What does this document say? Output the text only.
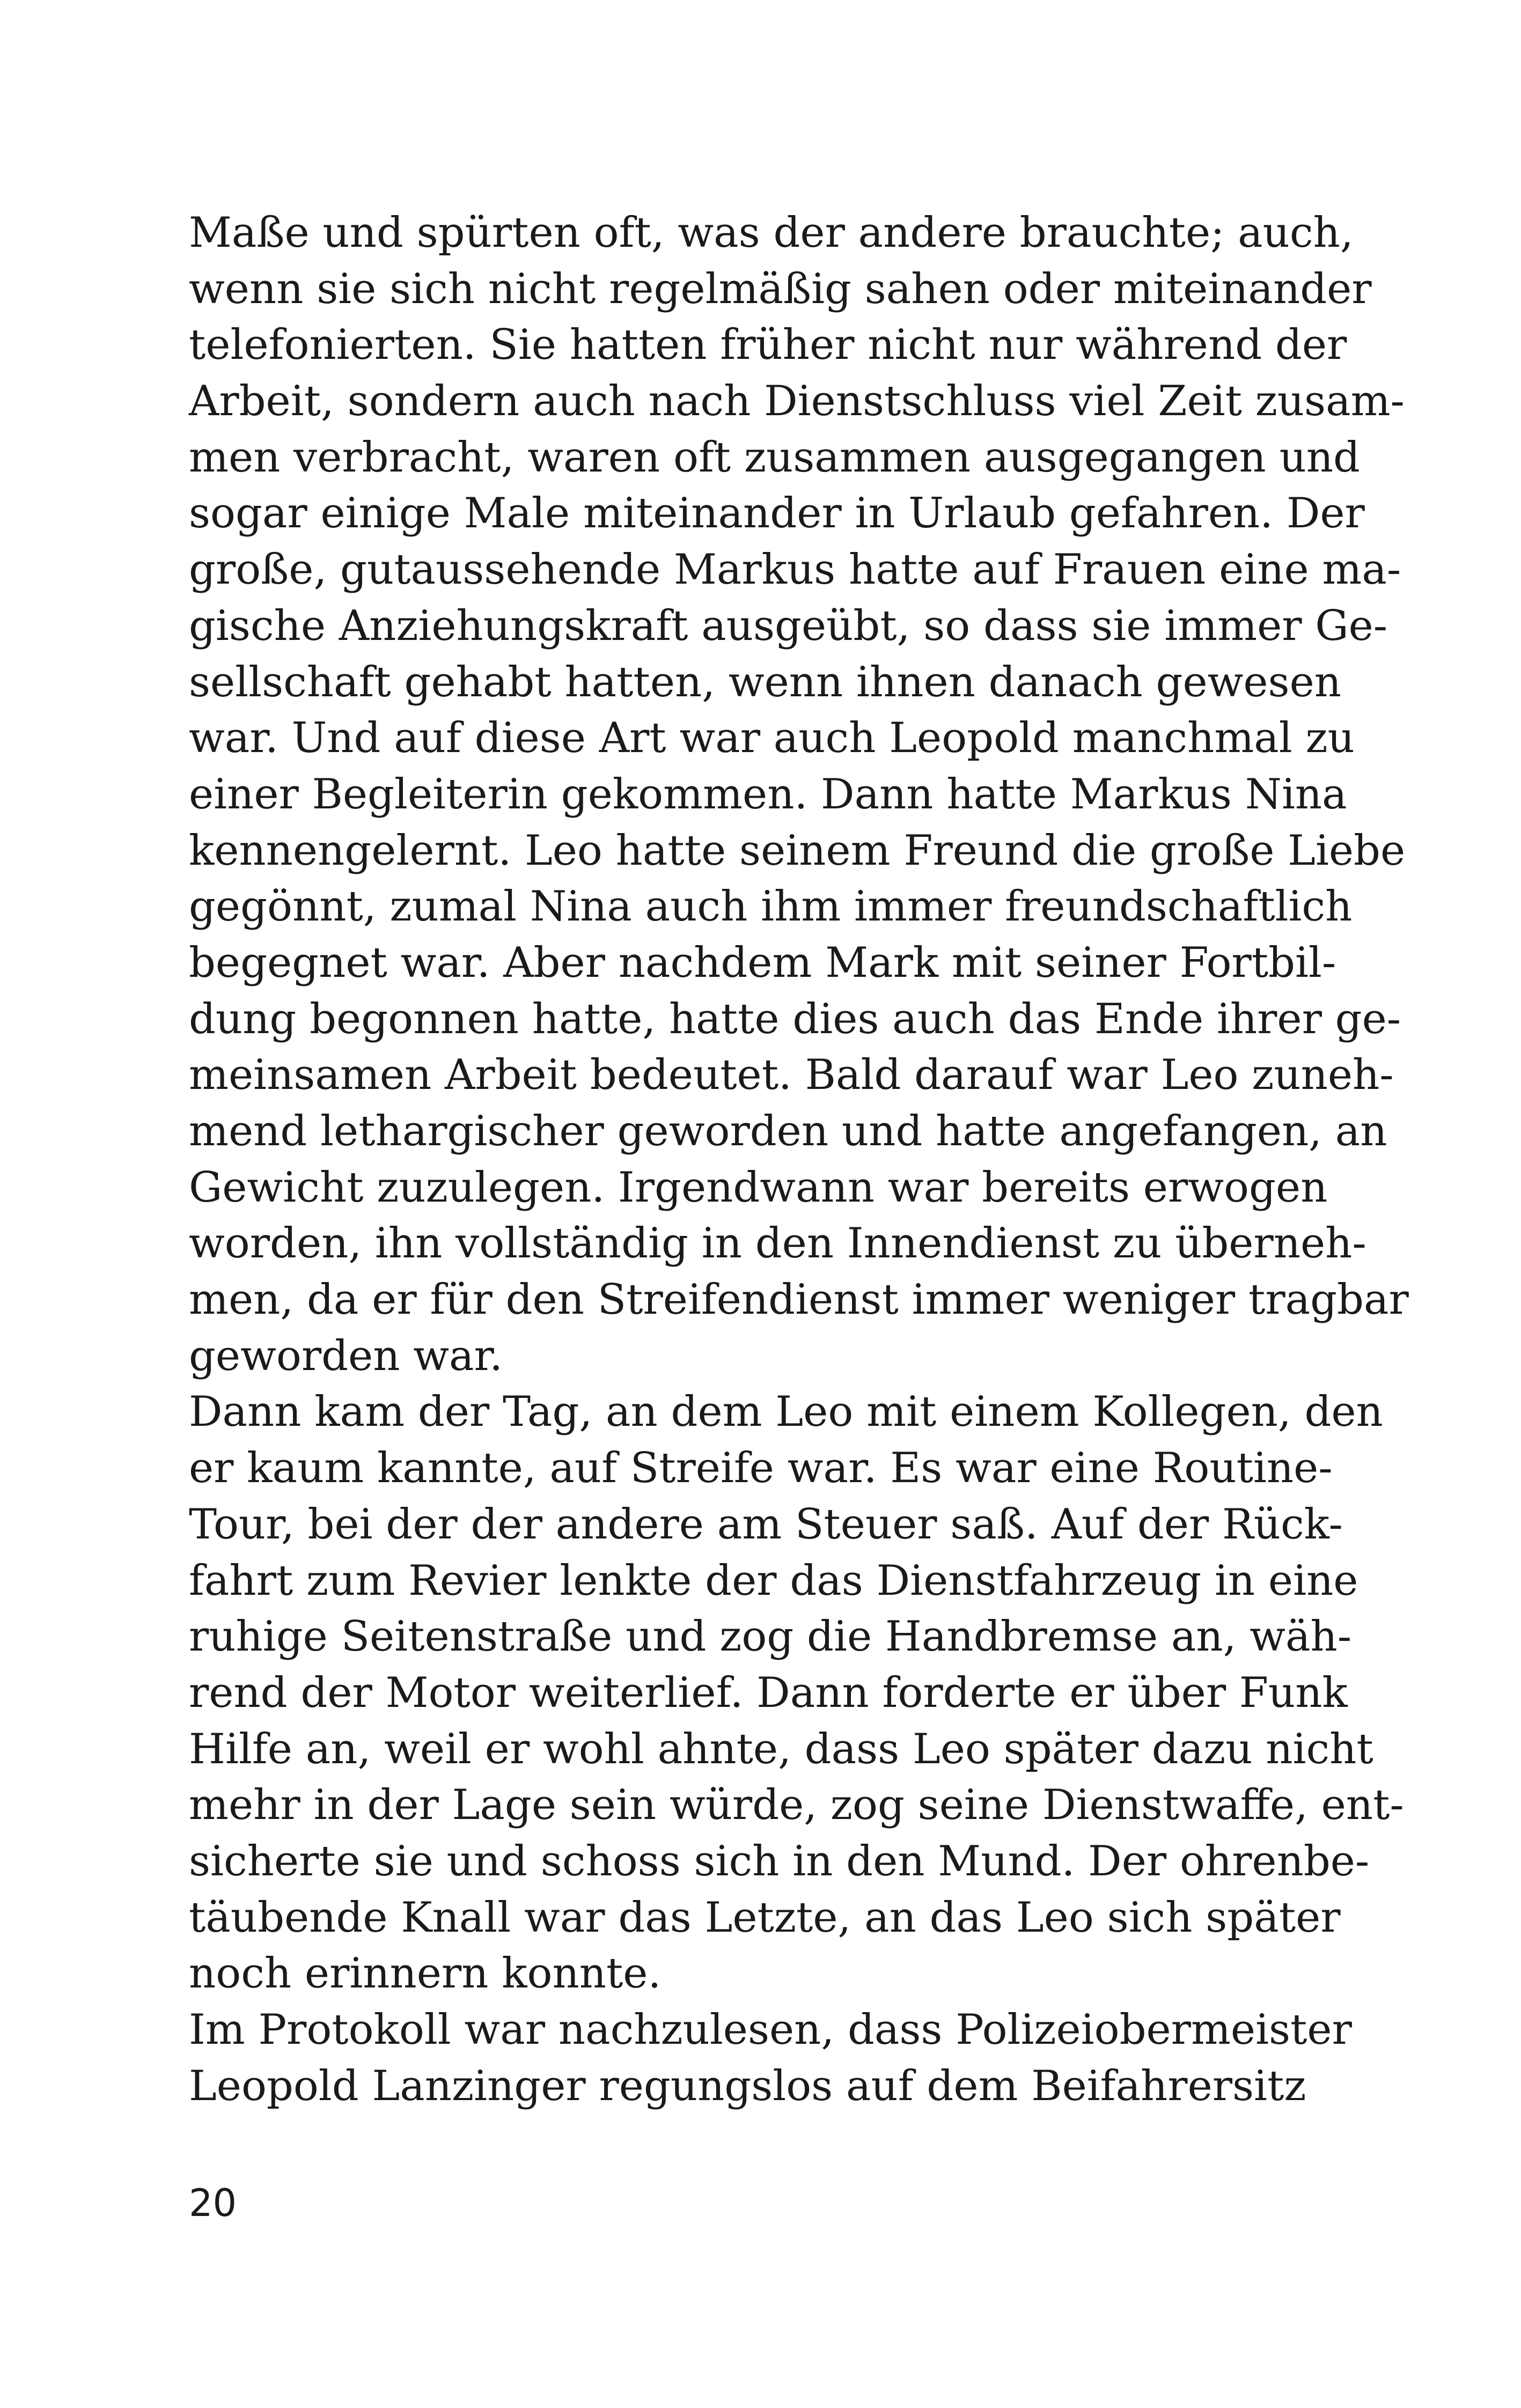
Maße und spürten oft, was der andere brauchte; auch,
wenn sie sich nicht regelmäßig sahen oder miteinander
telefonierten. Sie hatten früher nicht nur während der
Arbeit, sondern auch nach Dienstschluss viel Zeit zusam-
men verbracht, waren oft zusammen ausgegangen und
sogar einige Male miteinander in Urlaub gefahren. Der
große, gutaussehende Markus hatte auf Frauen eine ma-
gische Anziehungskraft ausgeübt, so dass sie immer Ge-
sellschaft gehabt hatten, wenn ihnen danach gewesen
war. Und auf diese Art war auch Leopold manchmal zu
einer Begleiterin gekommen. Dann hatte Markus Nina
kennengelernt. Leo hatte seinem Freund die große Liebe
gegönnt, zumal Nina auch ihm immer freundschaftlich
begegnet war. Aber nachdem Mark mit seiner Fortbil-
dung begonnen hatte, hatte dies auch das Ende ihrer ge-
meinsamen Arbeit bedeutet. Bald darauf war Leo zuneh-
mend lethargischer geworden und hatte angefangen, an
Gewicht zuzulegen. Irgendwann war bereits erwogen
worden, ihn vollständig in den Innendienst zu überneh-
men, da er für den Streifendienst immer weniger tragbar
geworden war.
Dann kam der Tag, an dem Leo mit einem Kollegen, den
er kaum kannte, auf Streife war. Es war eine Routine-
Tour, bei der der andere am Steuer saß. Auf der Rück-
fahrt zum Revier lenkte der das Dienstfahrzeug in eine
ruhige Seitenstraße und zog die Handbremse an, wäh-
rend der Motor weiterlief. Dann forderte er über Funk
Hilfe an, weil er wohl ahnte, dass Leo später dazu nicht
mehr in der Lage sein würde, zog seine Dienstwaffe, ent-
sicherte sie und schoss sich in den Mund. Der ohrenbe-
täubende Knall war das Letzte, an das Leo sich später
noch erinnern konnte.
Im Protokoll war nachzulesen, dass Polizeiobermeister
Leopold Lanzinger regungslos auf dem Beifahrersitz
20
